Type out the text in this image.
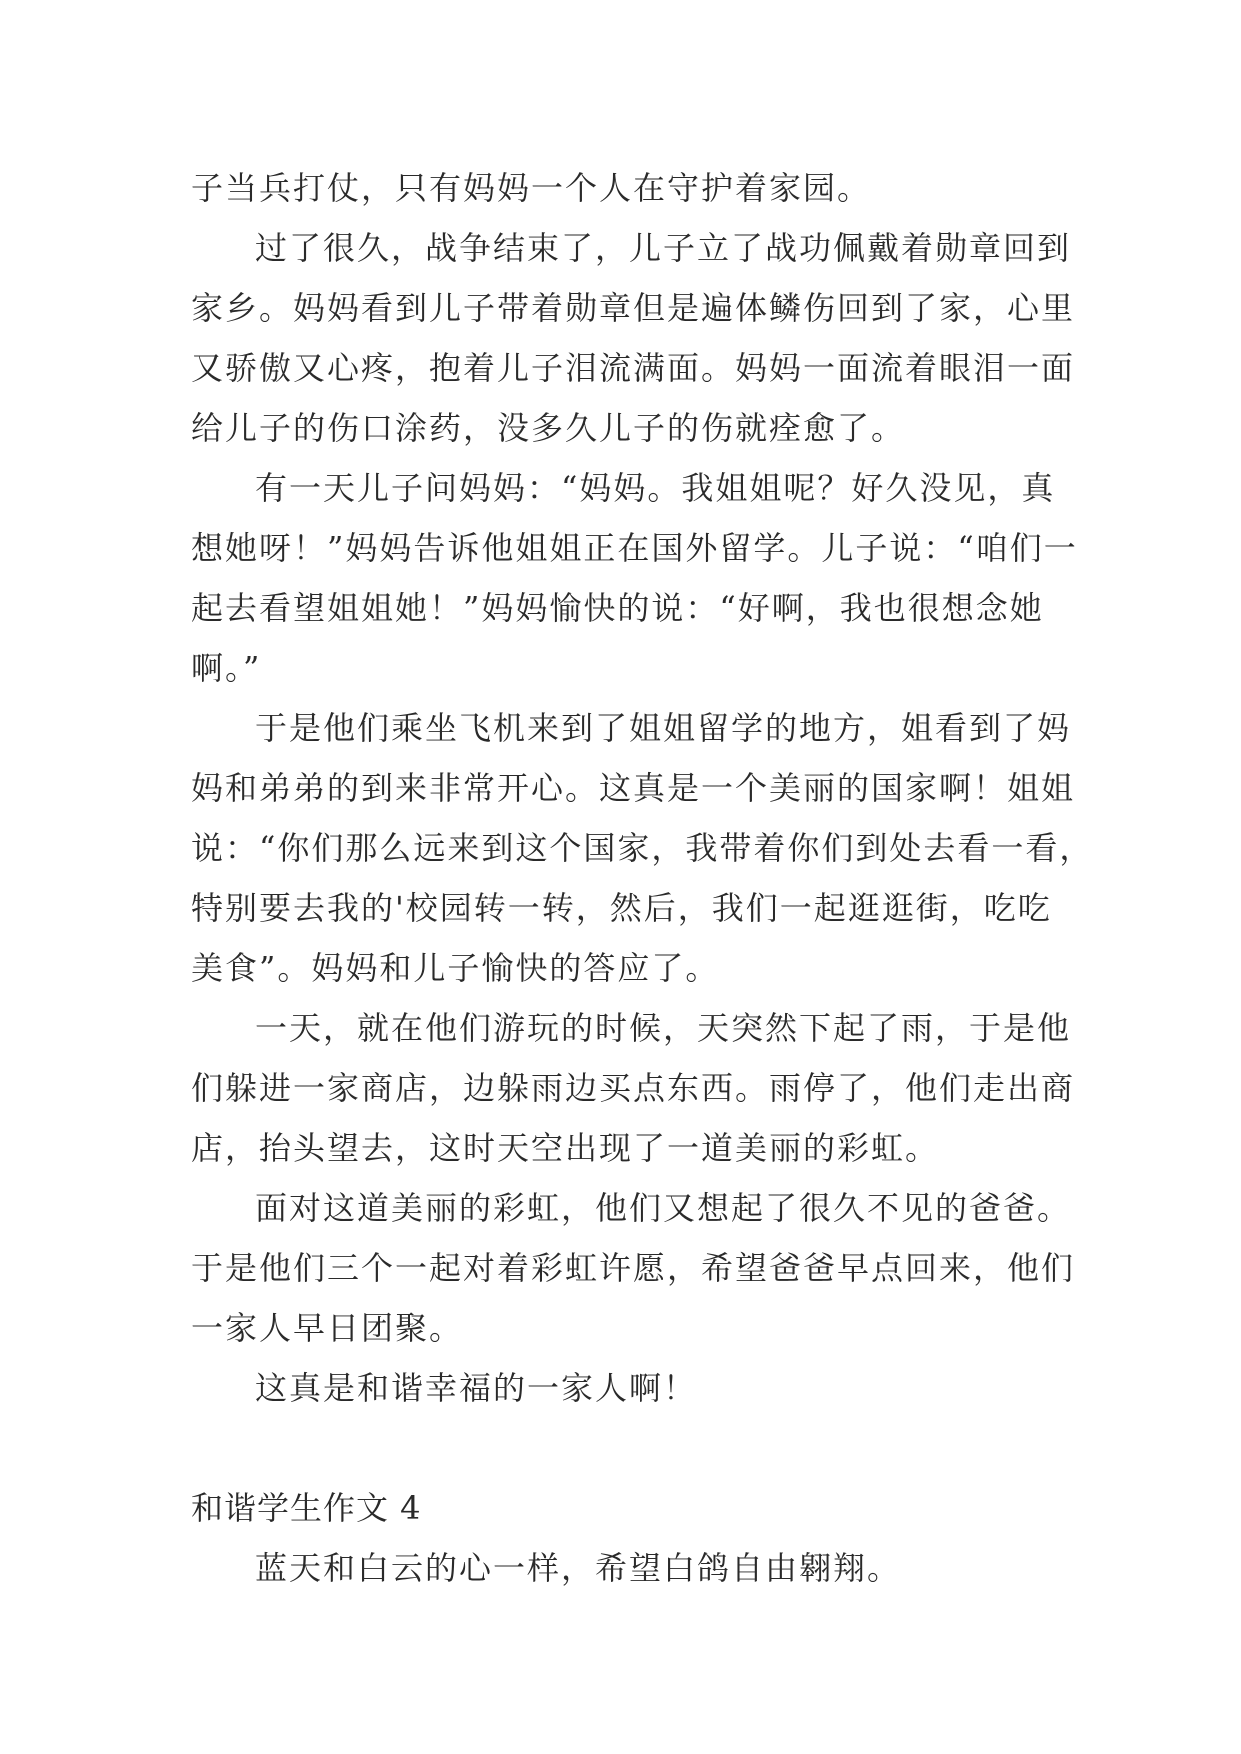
子当兵打仗，只有妈妈一个人在守护着家园。
过了很久，战争结束了，儿子立了战功佩戴着勋章回到
家乡。妈妈看到儿子带着勋章但是遍体鳞伤回到了家，心里
又骄傲又心疼，抱着儿子泪流满面。妈妈一面流着眼泪一面
给儿子的伤口涂药，没多久儿子的伤就痊愈了。
有一天儿子问妈妈：“妈妈。我姐姐呢？好久没见，真
想她呀！”妈妈告诉他姐姐正在国外留学。儿子说：“咱们一
起去看望姐姐她！”妈妈愉快的说：“好啊，我也很想念她
啊。”
于是他们乘坐飞机来到了姐姐留学的地方，姐看到了妈
妈和弟弟的到来非常开心。这真是一个美丽的国家啊！姐姐
说：“你们那么远来到这个国家，我带着你们到处去看一看，
特别要去我的'校园转一转，然后，我们一起逛逛街，吃吃
美食”。妈妈和儿子愉快的答应了。
一天，就在他们游玩的时候，天突然下起了雨，于是他
们躲进一家商店，边躲雨边买点东西。雨停了，他们走出商
店，抬头望去，这时天空出现了一道美丽的彩虹。
面对这道美丽的彩虹，他们又想起了很久不见的爸爸。
于是他们三个一起对着彩虹许愿，希望爸爸早点回来，他们
一家人早日团聚。
这真是和谐幸福的一家人啊！
和谐学生作文 4
蓝天和白云的心一样，希望白鸽自由翱翔。
